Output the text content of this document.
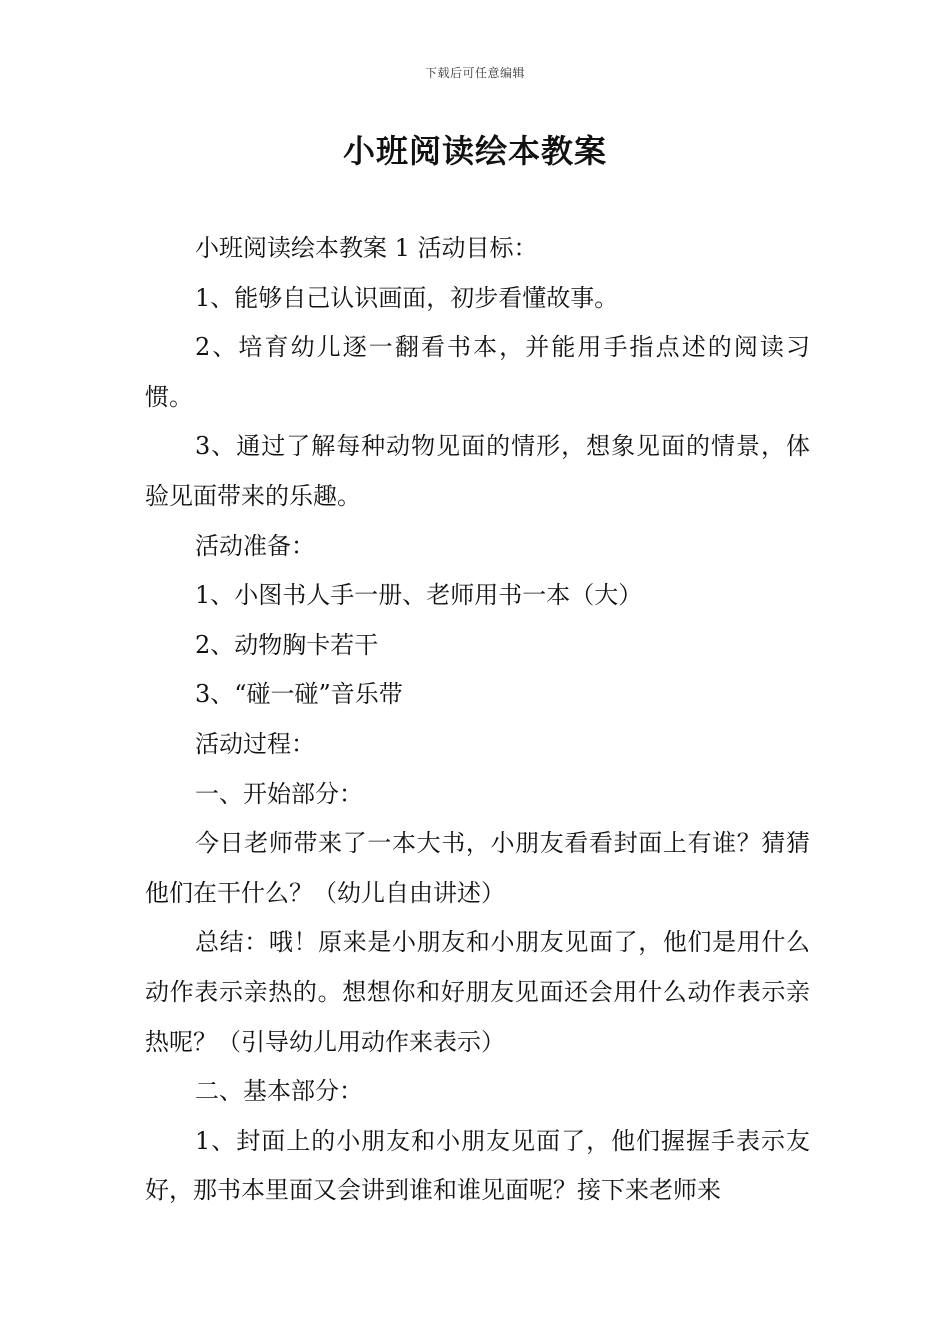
下载后可任意编辑
小班阅读绘本教案

小班阅读绘本教案 1 活动目标：

1、能够自己认识画面，初步看懂故事。

2、培育幼儿逐一翻看书本，并能用手指点述的阅读习惯。

3、通过了解每种动物见面的情形，想象见面的情景，体验见面带来的乐趣。

活动准备：

1、小图书人手一册、老师用书一本（大）

2、动物胸卡若干

3、“碰一碰”音乐带

活动过程：

一、开始部分：

今日老师带来了一本大书，小朋友看看封面上有谁？猜猜他们在干什么？（幼儿自由讲述）

总结：哦！原来是小朋友和小朋友见面了，他们是用什么动作表示亲热的。想想你和好朋友见面还会用什么动作表示亲热呢？（引导幼儿用动作来表示）

二、基本部分：

1、封面上的小朋友和小朋友见面了，他们握握手表示友好，那书本里面又会讲到谁和谁见面呢？接下来老师来
